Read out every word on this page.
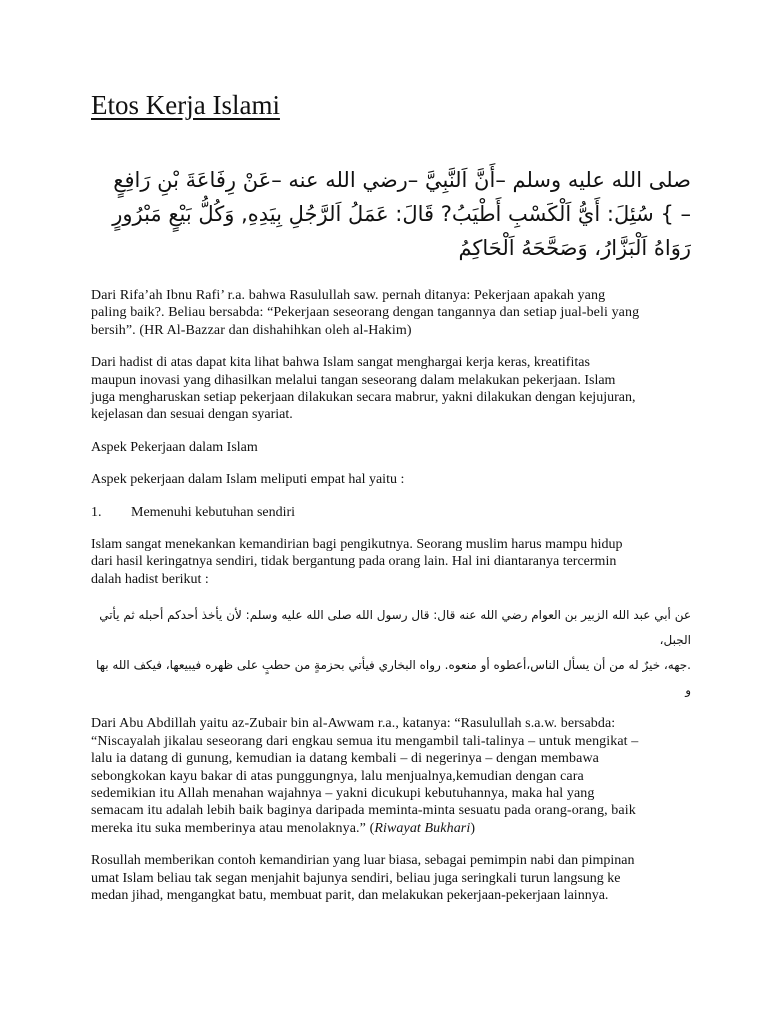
Etos Kerja Islami
صلى الله عليه وسلم –أَنَّ اَلنَّبِيَّ –رضي الله عنه –عَنْ رِفَاعَةَ بْنِ رَافِعٍ
– } سُئِلَ: أَيُّ اَلْكَسْبِ أَطْيَبُ? قَالَ: عَمَلُ اَلرَّجُلِ بِيَدِهِ, وَكُلُّ بَيْعٍ مَبْرُورٍ
رَوَاهُ اَلْبَزَّارُ، وَصَحَّحَهُ اَلْحَاكِمُ

Dari Rifa’ah Ibnu Rafi’ r.a. bahwa Rasulullah saw. pernah ditanya: Pekerjaan apakah yang
paling baik?. Beliau bersabda: “Pekerjaan seseorang dengan tangannya dan setiap jual-beli yang
bersih”. (HR Al-Bazzar dan dishahihkan oleh al-Hakim)

Dari hadist di atas dapat kita lihat bahwa Islam sangat menghargai kerja keras, kreatifitas
maupun inovasi yang dihasilkan melalui tangan seseorang dalam melakukan pekerjaan. Islam
juga mengharuskan setiap pekerjaan dilakukan secara mabrur, yakni dilakukan dengan kejujuran,
kejelasan dan sesuai dengan syariat.

Aspek Pekerjaan dalam Islam

Aspek pekerjaan dalam Islam meliputi empat hal yaitu :

1.	Memenuhi kebutuhan sendiri

Islam sangat menekankan kemandirian bagi pengikutnya. Seorang muslim harus mampu hidup
dari hasil keringatnya sendiri, tidak bergantung pada orang lain. Hal ini diantaranya tercermin
dalah hadist berikut :

عن أبي عبد الله الزبير بن العوام رضي الله عنه قال: قال رسول الله صلى الله عليه وسلم: لأن يأخذ أحدكم أحبله ثم يأتي الجبل،
.جهه، خيرٌ له من أن يسأل الناس،أعطوه أو منعوه. رواه البخاري فيأتي بحزمةٍ من حطبٍ على ظهره فيبيعها، فيكف الله بها و

Dari Abu Abdillah yaitu az-Zubair bin al-Awwam r.a., katanya: “Rasulullah s.a.w. bersabda:
“Niscayalah jikalau seseorang dari engkau semua itu mengambil tali-talinya – untuk mengikat –
lalu ia datang di gunung, kemudian ia datang kembali – di negerinya – dengan membawa
sebongkokan kayu bakar di atas punggungnya, lalu menjualnya,kemudian dengan cara
sedemikian itu Allah menahan wajahnya – yakni dicukupi kebutuhannya, maka hal yang
semacam itu adalah lebih baik baginya daripada meminta-minta sesuatu pada orang-orang, baik
mereka itu suka memberinya atau menolaknya.” (Riwayat Bukhari)

Rosullah memberikan contoh kemandirian yang luar biasa, sebagai pemimpin nabi dan pimpinan
umat Islam beliau tak segan menjahit bajunya sendiri, beliau juga seringkali turun langsung ke
medan jihad, mengangkat batu, membuat parit, dan melakukan pekerjaan-pekerjaan lainnya.
